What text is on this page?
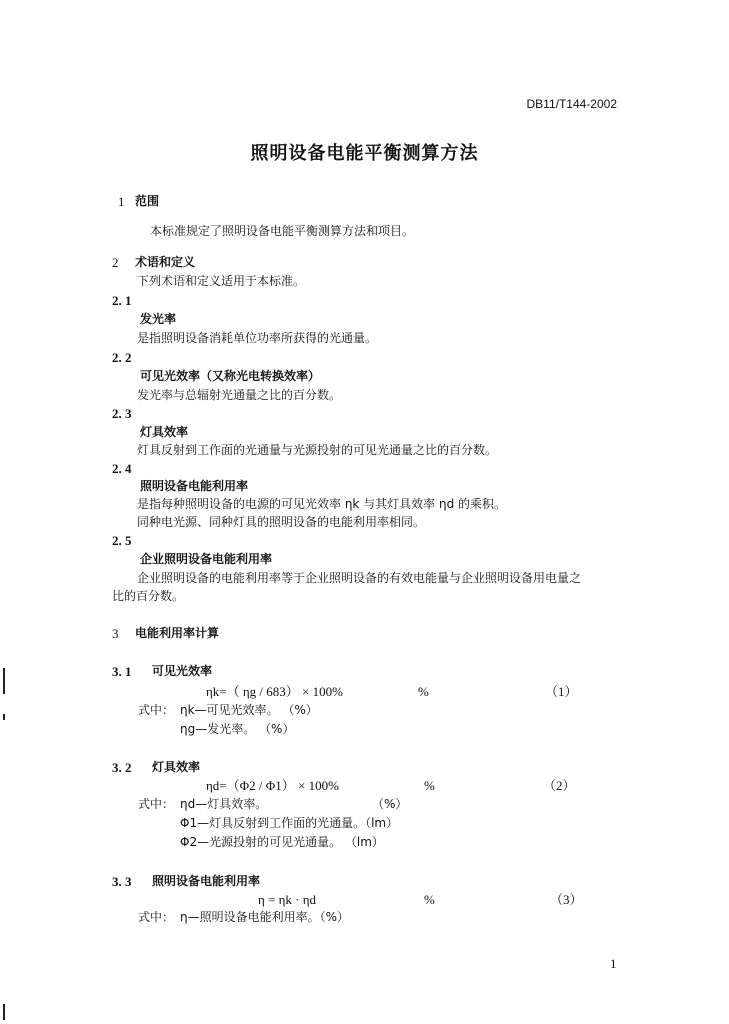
DB11/T144-2002
照明设备电能平衡测算方法
1 范围
本标准规定了照明设备电能平衡测算方法和项目。
2 术语和定义
下列术语和定义适用于本标准。
2. 1
发光率
是指照明设备消耗单位功率所获得的光通量。
2. 2
可见光效率（又称光电转换效率）
发光率与总辐射光通量之比的百分数。
2. 3
灯具效率
灯具反射到工作面的光通量与光源投射的可见光通量之比的百分数。
2. 4
照明设备电能利用率
是指每种照明设备的电源的可见光效率 ηk 与其灯具效率 ηd 的乘积。
同种电光源、同种灯具的照明设备的电能利用率相同。
2. 5
企业照明设备电能利用率
企业照明设备的电能利用率等于企业照明设备的有效电能量与企业照明设备用电量之
比的百分数。
3 电能利用率计算
3. 1 可见光效率
ηk=（ ηg / 683） × 100%	%	（1）
式中： ηk—可见光效率。 （%）
ηg—发光率。 （%）
3. 2 灯具效率
ηd=（Φ2 / Φ1） × 100%	%	（2）
式中： ηd—灯具效率。	（%）
Φ1—灯具反射到工作面的光通量。（lm）
Φ2—光源投射的可见光通量。 （lm）
3. 3 照明设备电能利用率
η = ηk · ηd	%	（3）
式中： η—照明设备电能利用率。（%）
1
